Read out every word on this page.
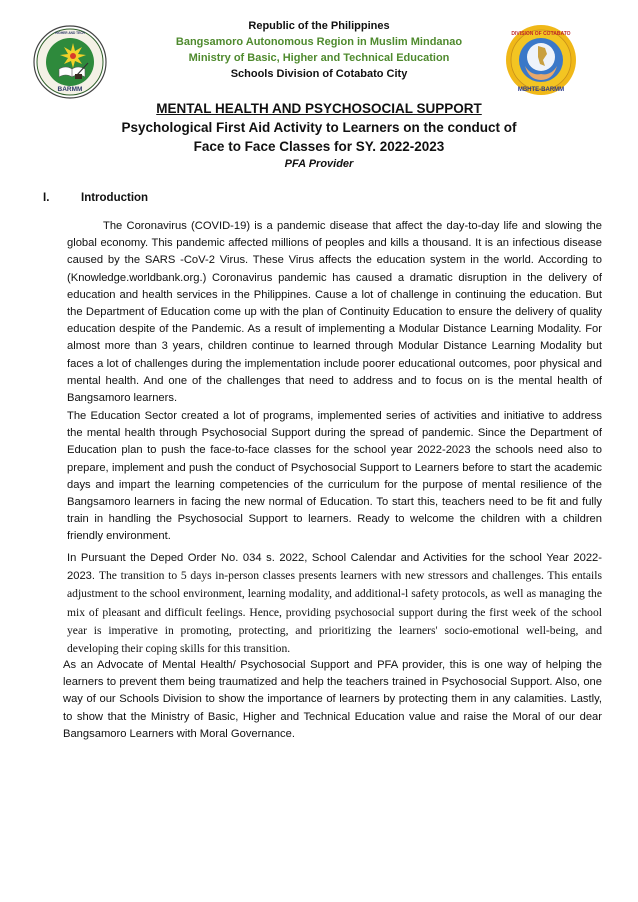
BARMM
HIGHER AND TECH
Republic of the Philippines
Bangsamoro Autonomous Region in Muslim Mindanao
Ministry of Basic, Higher and Technical Education
Schools Division of Cotabato City
DIVISION OF COTABATO
MBHTE-BARMM
MENTAL HEALTH AND PSYCHOSOCIAL SUPPORT
Psychological First Aid Activity to Learners on the conduct of
Face to Face Classes for SY. 2022-2023
PFA Provider
I.	Introduction

The Coronavirus (COVID-19) is a pandemic disease that affect the day-to-day life and slowing the global economy. This pandemic affected millions of peoples and kills a thousand. It is an infectious disease caused by the SARS -CoV-2 Virus. These Virus affects the education system in the world. According to (Knowledge.worldbank.org.) Coronavirus pandemic has caused a dramatic disruption in the delivery of education and health services in the Philippines. Cause a lot of challenge in continuing the education. But the Department of Education come up with the plan of Continuity Education to ensure the delivery of quality education despite of the Pandemic. As a result of implementing a Modular Distance Learning Modality. For almost more than 3 years, children continue to learned through Modular Distance Learning Modality but faces a lot of challenges during the implementation include poorer educational outcomes, poor physical and mental health. And one of the challenges that need to address and to focus on is the mental health of Bangsamoro learners.

The Education Sector created a lot of programs, implemented series of activities and initiative to address the mental health through Psychosocial Support during the spread of pandemic. Since the Department of Education plan to push the face-to-face classes for the school year 2022-2023 the schools need also to prepare, implement and push the conduct of Psychosocial Support to Learners before to start the academic days and impart the learning competencies of the curriculum for the purpose of mental resilience of the Bangsamoro learners in facing the new normal of Education. To start this, teachers need to be fit and fully train in handling the Psychosocial Support to learners. Ready to welcome the children with a children friendly environment.

In Pursuant the Deped Order No. 034 s. 2022, School Calendar and Activities for the school Year 2022-2023. The transition to 5 days in-person classes presents learners with new stressors and challenges. This entails adjustment to the school environment, learning modality, and additional-l safety protocols, as well as managing the mix of pleasant and difficult feelings. Hence, providing psychosocial support during the first week of the school year is imperative in promoting, protecting, and prioritizing the learners' socio-emotional well-being, and developing their coping skills for this transition.

As an Advocate of Mental Health/ Psychosocial Support and PFA provider, this is one way of helping the learners to prevent them being traumatized and help the teachers trained in Psychosocial Support. Also, one way of our Schools Division to show the importance of learners by protecting them in any calamities. Lastly, to show that the Ministry of Basic, Higher and Technical Education value and raise the Moral of our dear Bangsamoro Learners with Moral Governance.
